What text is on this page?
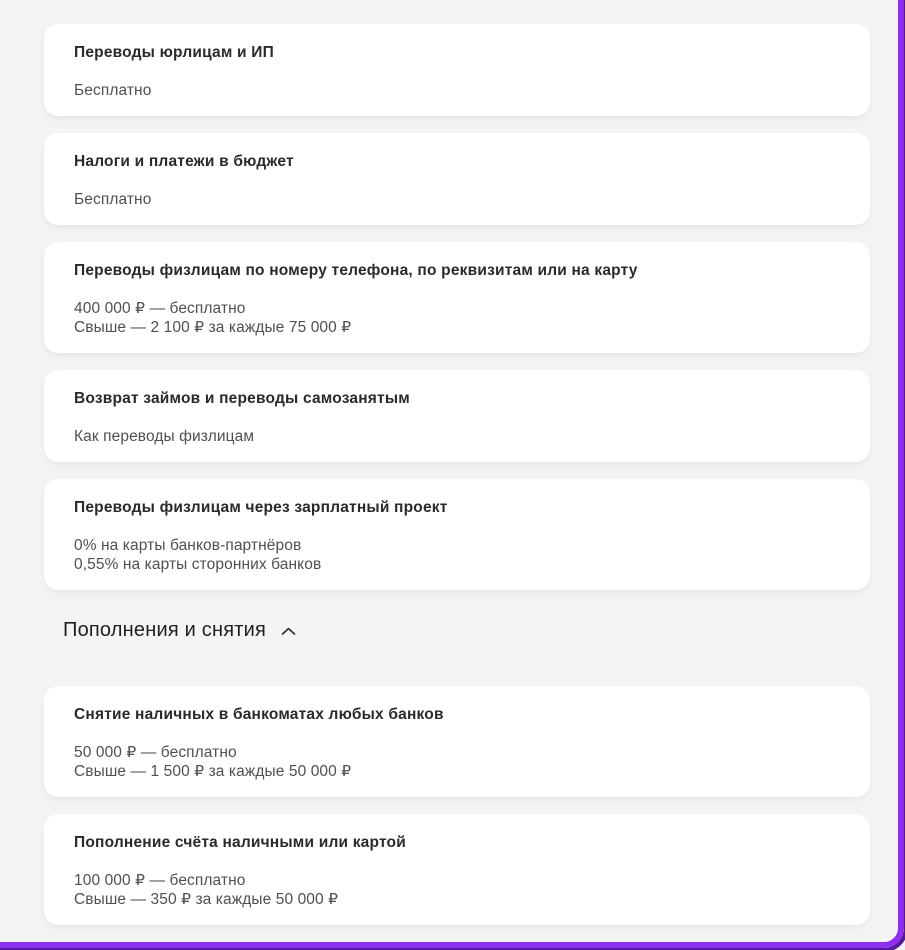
Переводы юрлицам и ИП
Бесплатно
Налоги и платежи в бюджет
Бесплатно
Переводы физлицам по номеру телефона, по реквизитам или на карту
400 000 ₽ — бесплатно
Свыше — 2 100 ₽ за каждые 75 000 ₽
Возврат займов и переводы самозанятым
Как переводы физлицам
Переводы физлицам через зарплатный проект
0% на карты банков-партнёров
0,55% на карты сторонних банков
Пополнения и снятия
Снятие наличных в банкоматах любых банков
50 000 ₽ — бесплатно
Свыше — 1 500 ₽ за каждые 50 000 ₽
Пополнение счёта наличными или картой
100 000 ₽ — бесплатно
Свыше — 350 ₽ за каждые 50 000 ₽
